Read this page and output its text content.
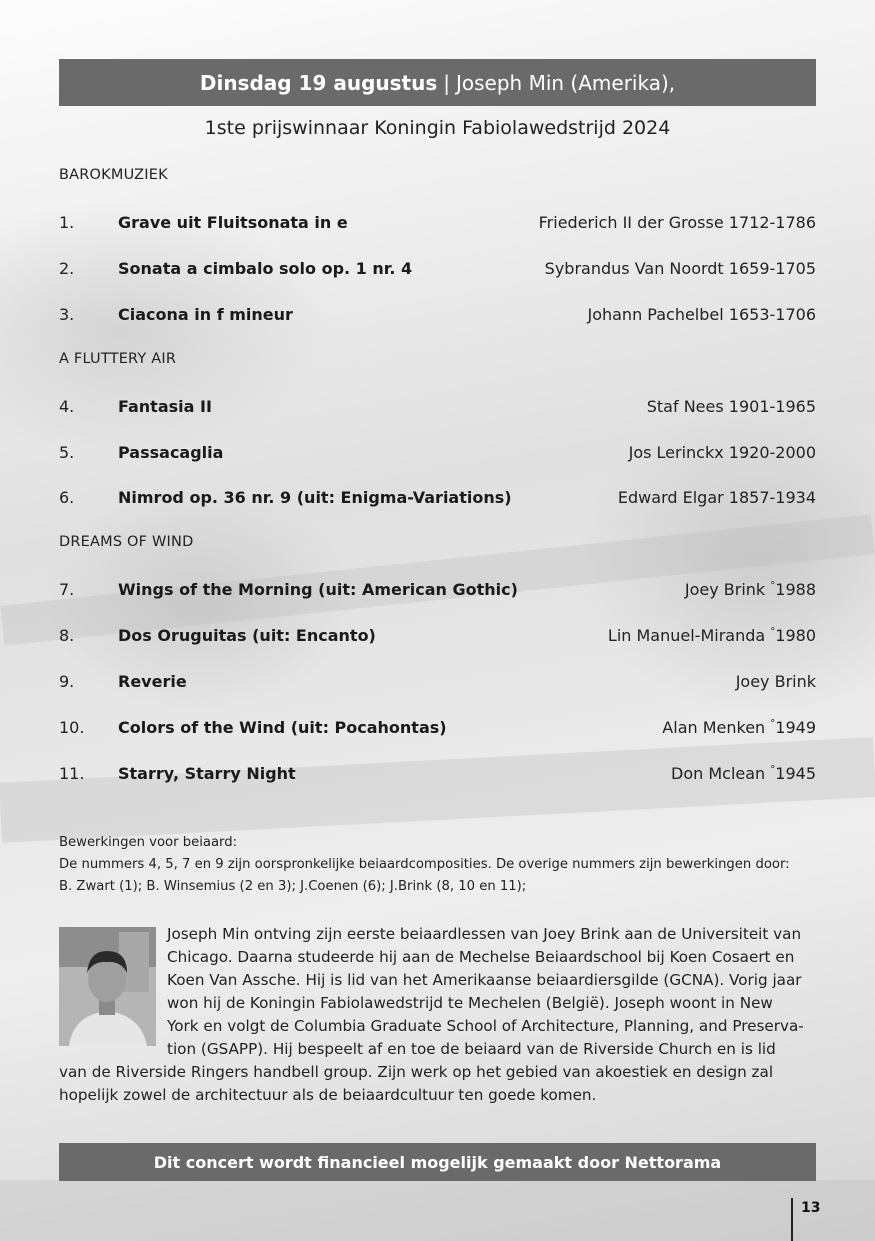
Dinsdag 19 augustus | Joseph Min (Amerika),
1ste prijswinnaar Koningin Fabiolawedstrijd 2024
BAROKMUZIEK
1.	Grave uit Fluitsonata in e	Friederich II der Grosse 1712-1786
2.	Sonata a cimbalo solo op. 1 nr. 4	Sybrandus Van Noordt 1659-1705
3.	Ciacona in f mineur	Johann Pachelbel 1653-1706
A FLUTTERY AIR
4.	Fantasia II	Staf Nees 1901-1965
5.	Passacaglia	Jos Lerinckx 1920-2000
6.	Nimrod op. 36 nr. 9 (uit: Enigma-Variations)	Edward Elgar 1857-1934
DREAMS OF WIND
7.	Wings of the Morning (uit: American Gothic)	Joey Brink °1988
8.	Dos Oruguitas (uit: Encanto)	Lin Manuel-Miranda °1980
9.	Reverie	Joey Brink
10.	Colors of the Wind (uit: Pocahontas)	Alan Menken °1949
11.	Starry, Starry Night	Don Mclean °1945

Bewerkingen voor beiaard:

De nummers 4, 5, 7 en 9 zijn oorspronkelijke beiaardcomposities. De overige nummers zijn bewerkingen door:

B. Zwart (1); B. Winsemius (2 en 3); J.Coenen (6); J.Brink (8, 10 en 11);

Joseph Min ontving zijn eerste beiaardlessen van Joey Brink aan de Universiteit van Chicago. Daarna studeerde hij aan de Mechelse Beiaardschool bij Koen Cosaert en Koen Van Assche. Hij is lid van het Amerikaanse beiaardiersgilde (GCNA). Vorig jaar won hij de Koningin Fabiolawedstrijd te Mechelen (België). Joseph woont in New York en volgt de Columbia Graduate School of Architecture, Planning, and Preserva-tion (GSAPP). Hij bespeelt af en toe de beiaard van de Riverside Church en is lid van de Riverside Ringers handbell group. Zijn werk op het gebied van akoestiek en design zal hopelijk zowel de architectuur als de beiaardcultuur ten goede komen.
Dit concert wordt financieel mogelijk gemaakt door Nettorama
13
